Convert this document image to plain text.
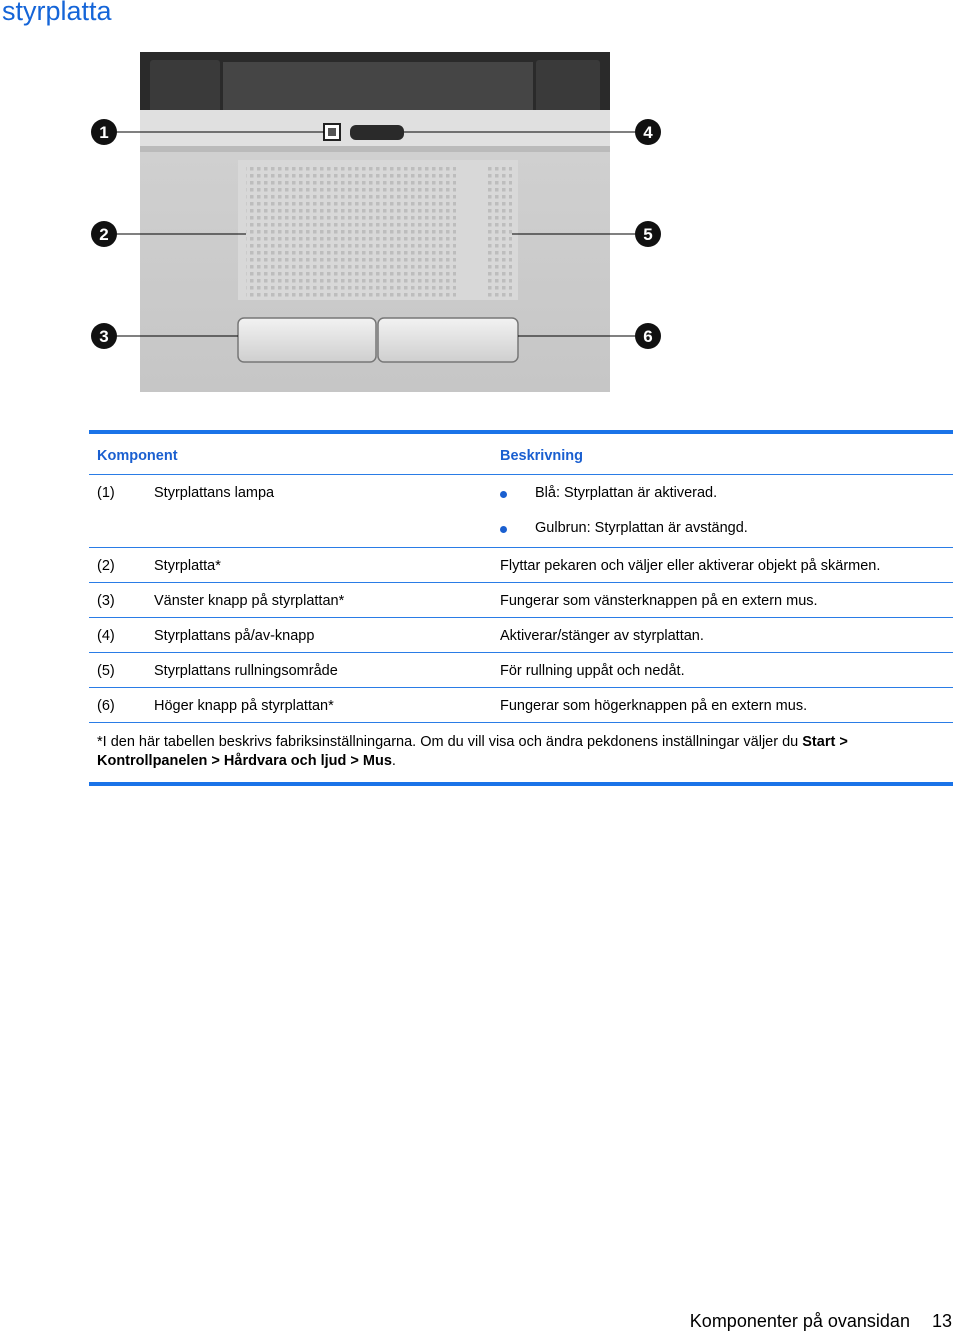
styrplatta
1
2
3
4
5
6
Komponent	Beskrivning
(1)	Styrplattans lampa	Blå: Styrplattan är aktiverad.
Gulbrun: Styrplattan är avstängd.
(2)	Styrplatta*	Flyttar pekaren och väljer eller aktiverar objekt på skärmen.
(3)	Vänster knapp på styrplattan*	Fungerar som vänsterknappen på en extern mus.
(4)	Styrplattans på/av-knapp	Aktiverar/stänger av styrplattan.
(5)	Styrplattans rullningsområde	För rullning uppåt och nedåt.
(6)	Höger knapp på styrplattan*	Fungerar som högerknappen på en extern mus.
*I den här tabellen beskrivs fabriksinställningarna. Om du vill visa och ändra pekdonens inställningar väljer du Start > Kontrollpanelen > Hårdvara och ljud > Mus.
Komponenter på ovansidan 13
